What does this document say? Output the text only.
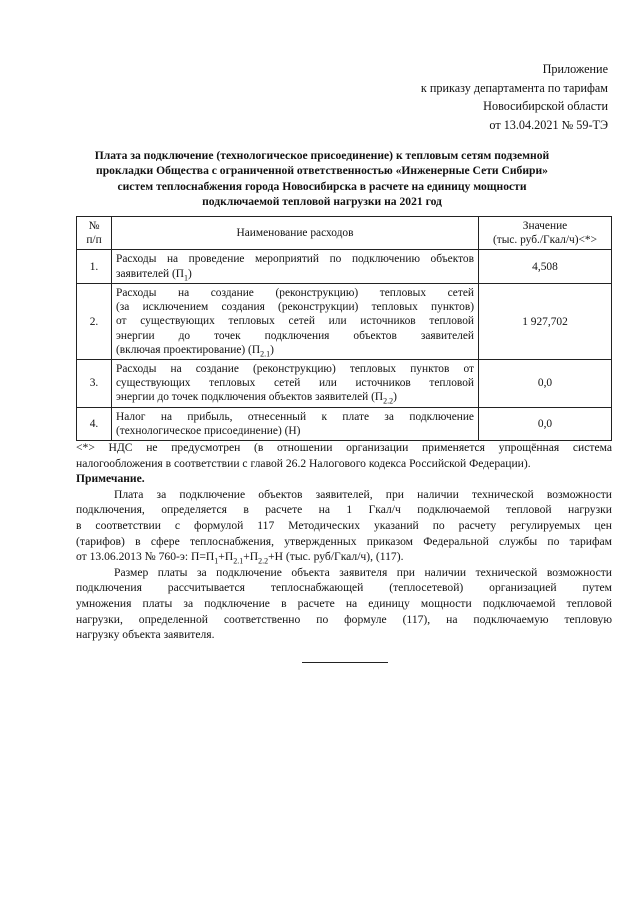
Приложение
к приказу департамента по тарифам
Новосибирской области
от 13.04.2021 № 59-ТЭ
Плата за подключение (технологическое присоединение) к тепловым сетям подземной
прокладки Общества с ограниченной ответственностью «Инженерные Сети Сибири»
систем теплоснабжения города Новосибирска в расчете на единицу мощности
подключаемой тепловой нагрузки на 2021 год
№
п/п	Наименование расходов	Значение
(тыс. руб./Гкал/ч)<*>
1.	Расходы на проведение мероприятий по подключению объектов
заявителей $(П_1)$	4,508
2.	Расходы на создание (реконструкцию) тепловых сетей
(за исключением создания (реконструкции) тепловых пунктов)
от существующих тепловых сетей или источников тепловой
энергии до точек подключения объектов заявителей
(включая проектирование) $(П_{2.1})$	1 927,702
3.	Расходы на создание (реконструкцию) тепловых пунктов от
существующих тепловых сетей или источников тепловой
энергии до точек подключения объектов заявителей $(П_{2.2})$	0,0
4.	Налог на прибыль, отнесенный к плате за подключение
(технологическое присоединение) (Н)	0,0
<*> НДС не предусмотрен (в отношении организации применяется упрощённая система
налогообложения в соответствии с главой 26.2 Налогового кодекса Российской Федерации).
Примечание.
Плата за подключение объектов заявителей, при наличии технической возможности
подключения, определяется в расчете на 1 Гкал/ч подключаемой тепловой нагрузки
в соответствии с формулой 117 Методических указаний по расчету регулируемых цен
(тарифов) в сфере теплоснабжения, утвержденных приказом Федеральной службы по тарифам
от 13.06.2013 № 760-э: $П=П_1+П_{2.1}+П_{2.2}+Н$ (тыс. руб/Гкал/ч), (117).
Размер платы за подключение объекта заявителя при наличии технической возможности
подключения рассчитывается теплоснабжающей (теплосетевой) организацией путем
умножения платы за подключение в расчете на единицу мощности подключаемой тепловой
нагрузки, определенной соответственно по формуле (117), на подключаемую тепловую
нагрузку объекта заявителя.
